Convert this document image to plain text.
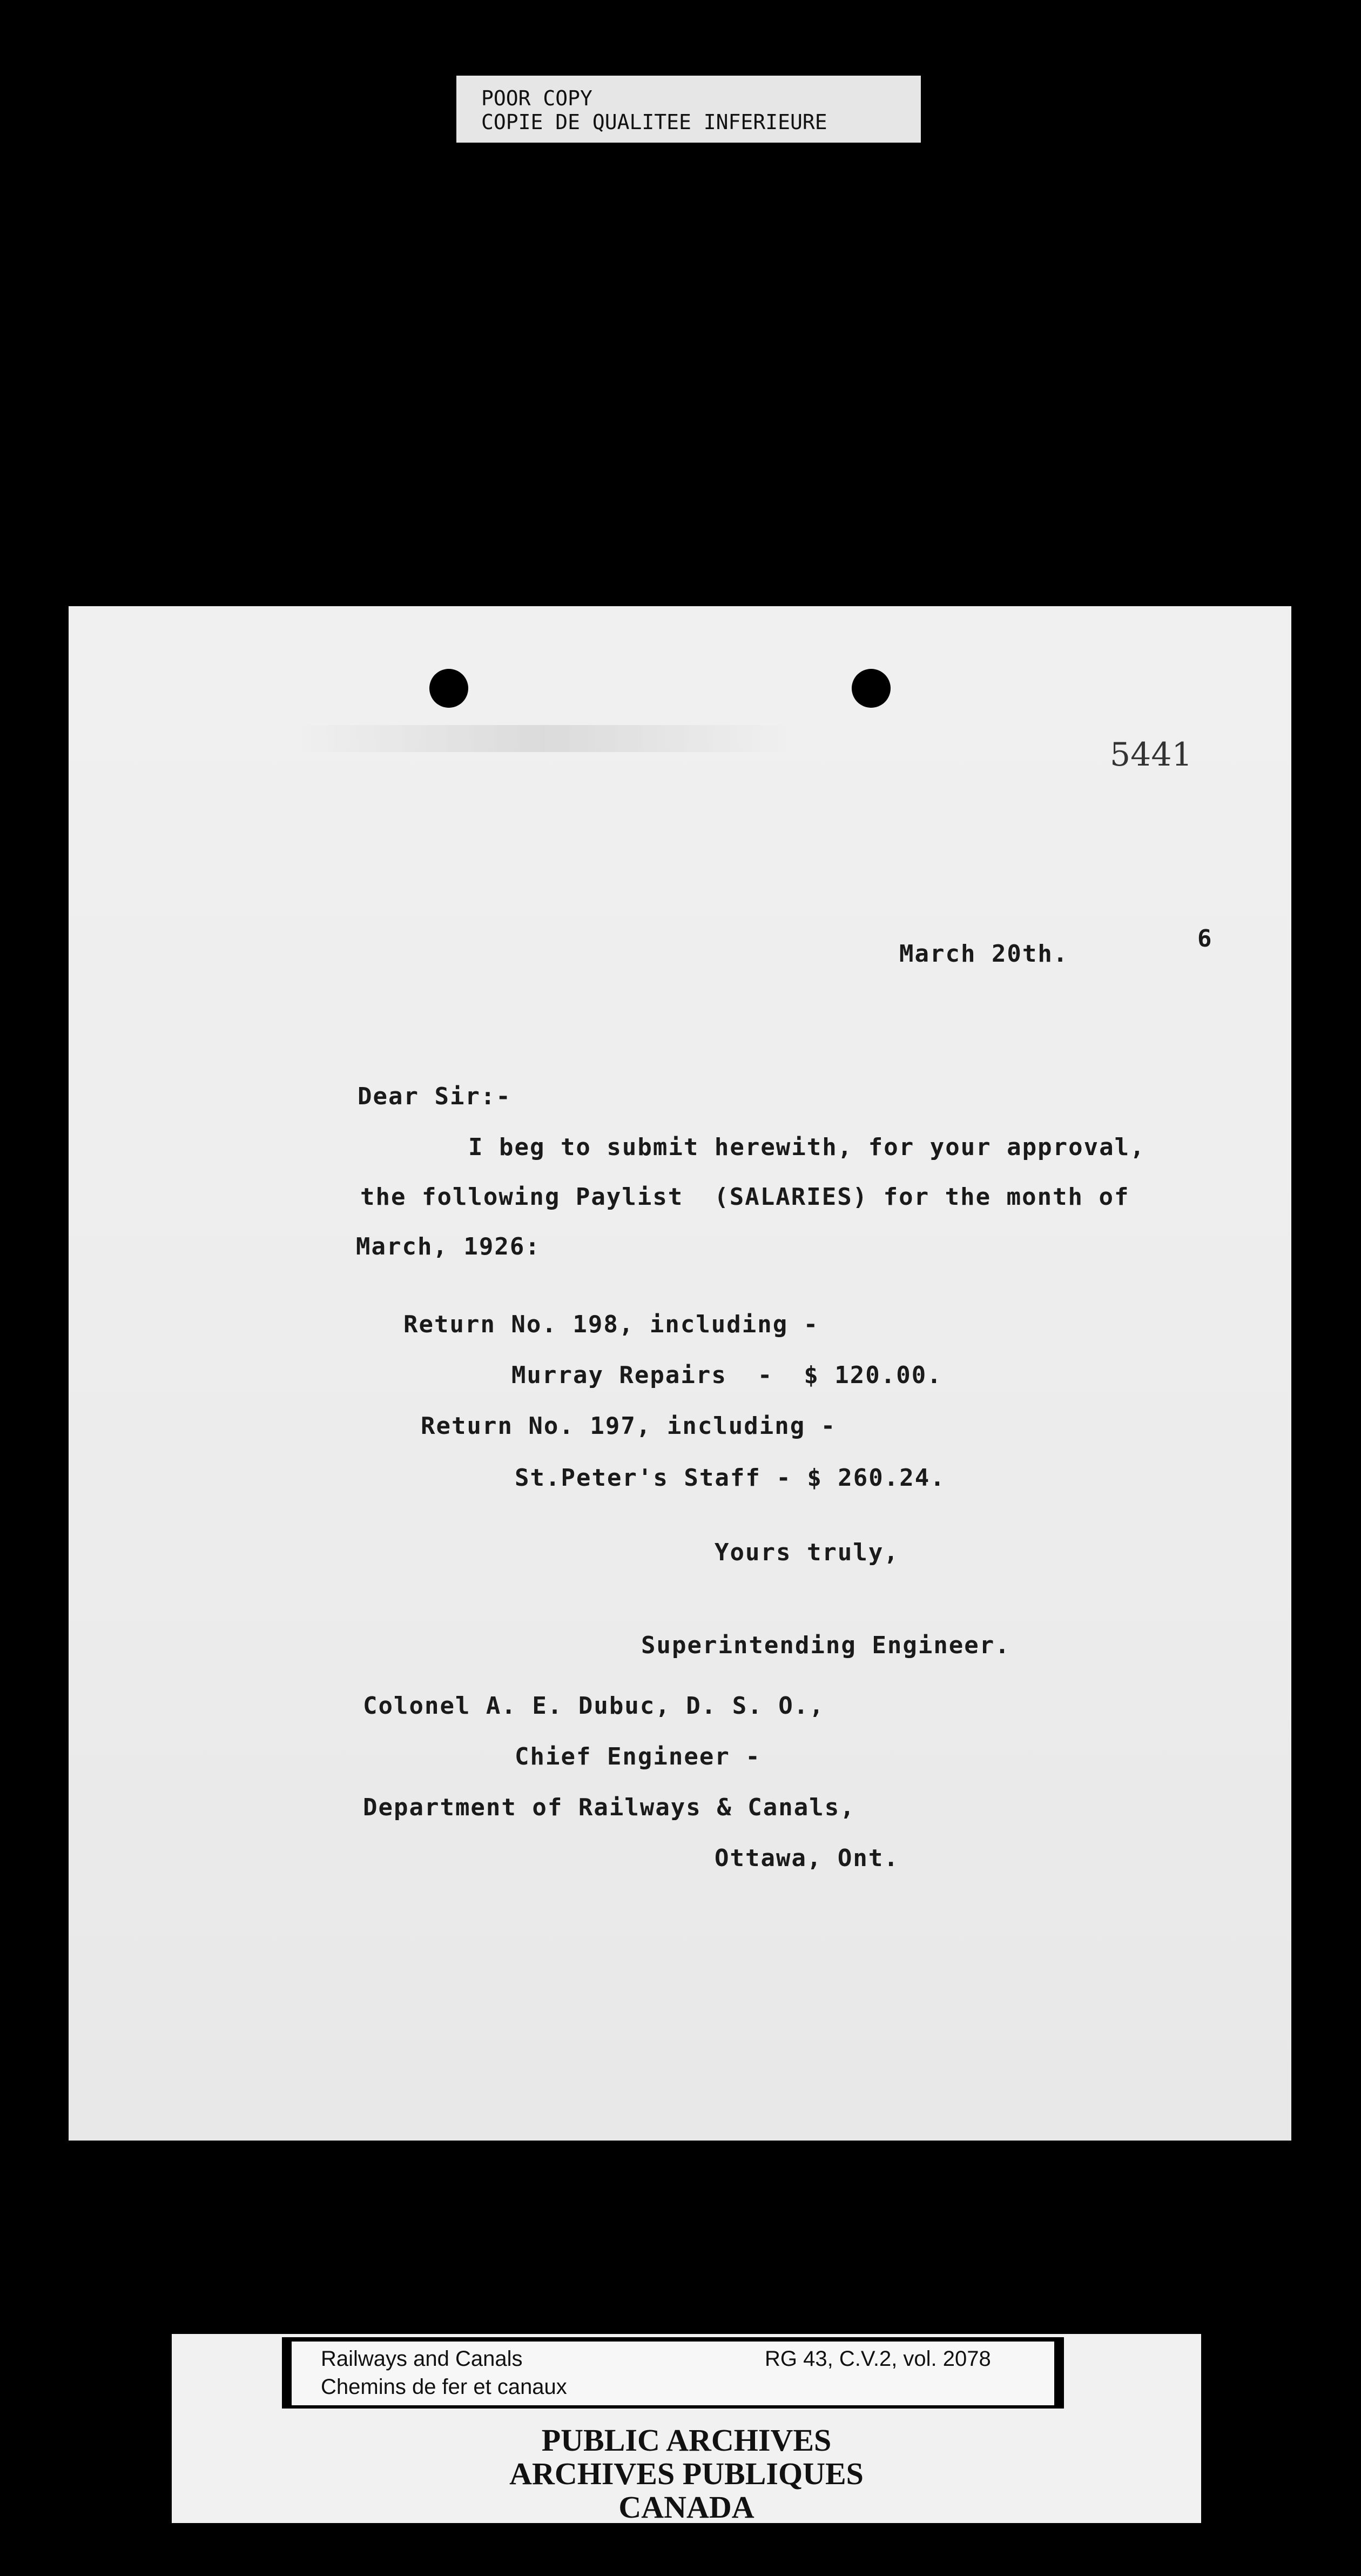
POOR COPY
COPIE DE QUALITEE INFERIEURE
5441
6
March 20th.
Dear Sir:-
I beg to submit herewith, for your approval,
the following Paylist  (SALARIES) for the month of
March, 1926:
Return No. 198, including -
Murray Repairs  -  $ 120.00.
Return No. 197, including -
St.Peter's Staff - $ 260.24.
Yours truly,
Superintending Engineer.
Colonel A. E. Dubuc, D. S. O.,
Chief Engineer -
Department of Railways & Canals,
Ottawa, Ont.
Railways and Canals
Chemins de fer et canaux
RG 43, C.V.2, vol. 2078
PUBLIC ARCHIVES
ARCHIVES PUBLIQUES
CANADA
